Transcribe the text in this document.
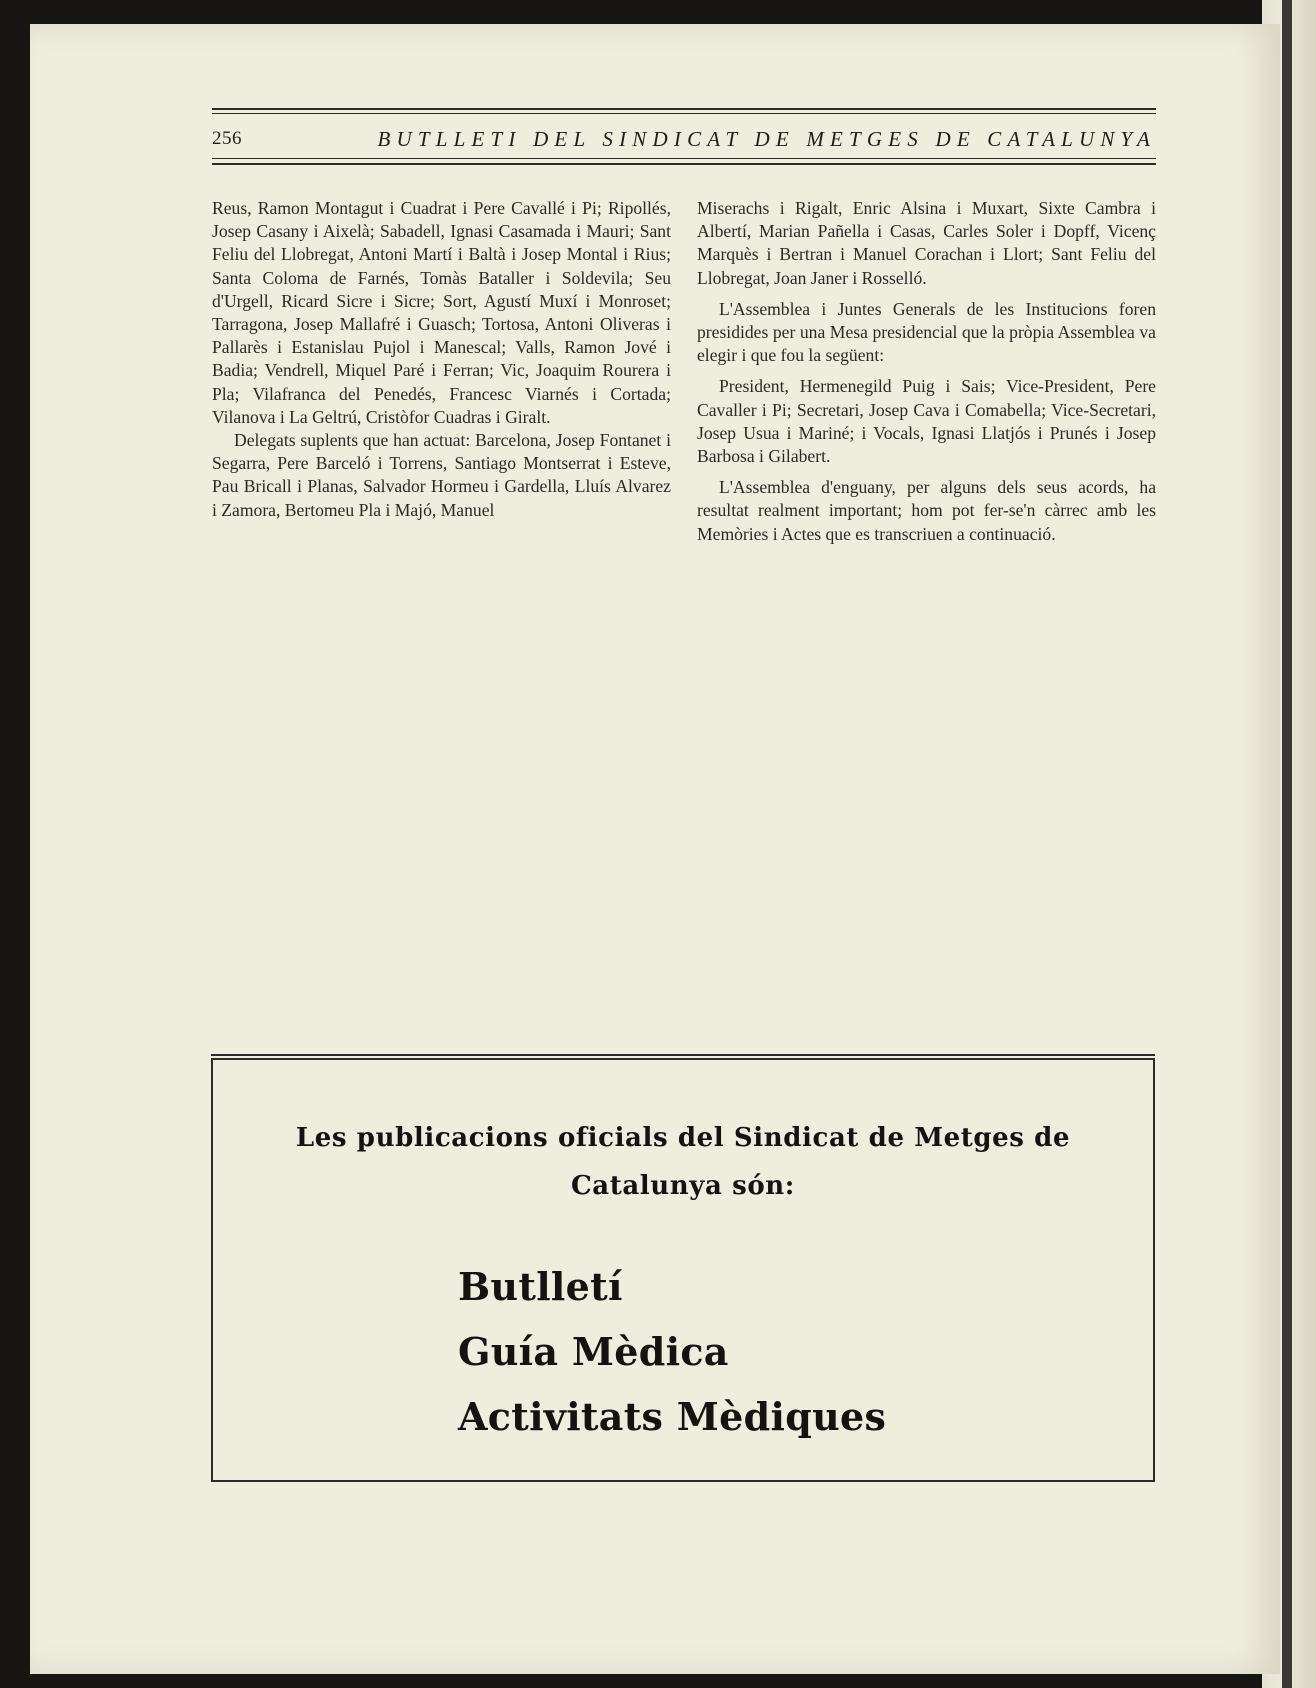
256	BUTLLETI DEL SINDICAT DE METGES DE CATALUNYA

Reus, Ramon Montagut i Cuadrat i Pere Cavallé i Pi; Ripollés, Josep Casany i Aixelà; Sabadell, Ignasi Casamada i Mauri; Sant Feliu del Llobregat, Antoni Martí i Baltà i Josep Montal i Rius; Santa Coloma de Farnés, Tomàs Bataller i Soldevila; Seu d'Urgell, Ricard Sicre i Sicre; Sort, Agustí Muxí i Monroset; Tarragona, Josep Mallafré i Guasch; Tortosa, Antoni Oliveras i Pallarès i Estanislau Pujol i Manescal; Valls, Ramon Jové i Badia; Vendrell, Miquel Paré i Ferran; Vic, Joaquim Rourera i Pla; Vilafranca del Penedés, Francesc Viarnés i Cortada; Vilanova i La Geltrú, Cristòfor Cuadras i Giralt.

Delegats suplents que han actuat: Barcelona, Josep Fontanet i Segarra, Pere Barceló i Torrens, Santiago Montserrat i Esteve, Pau Bricall i Planas, Salvador Hormeu i Gardella, Lluís Alvarez i Zamora, Bertomeu Pla i Majó, Manuel

Miserachs i Rigalt, Enric Alsina i Muxart, Sixte Cambra i Albertí, Marian Pañella i Casas, Carles Soler i Dopff, Vicenç Marquès i Bertran i Manuel Corachan i Llort; Sant Feliu del Llobregat, Joan Janer i Rosselló.

L'Assemblea i Juntes Generals de les Institucions foren presidides per una Mesa presidencial que la pròpia Assemblea va elegir i que fou la següent:

President, Hermenegild Puig i Sais; Vice-President, Pere Cavaller i Pi; Secretari, Josep Cava i Comabella; Vice-Secretari, Josep Usua i Mariné; i Vocals, Ignasi Llatjós i Prunés i Josep Barbosa i Gilabert.

L'Assemblea d'enguany, per alguns dels seus acords, ha resultat realment important; hom pot fer-se'n càrrec amb les Memòries i Actes que es transcriuen a continuació.

Les publicacions oficials del Sindicat de Metges de Catalunya són:
Butlletí
Guía Mèdica
Activitats Mèdiques
